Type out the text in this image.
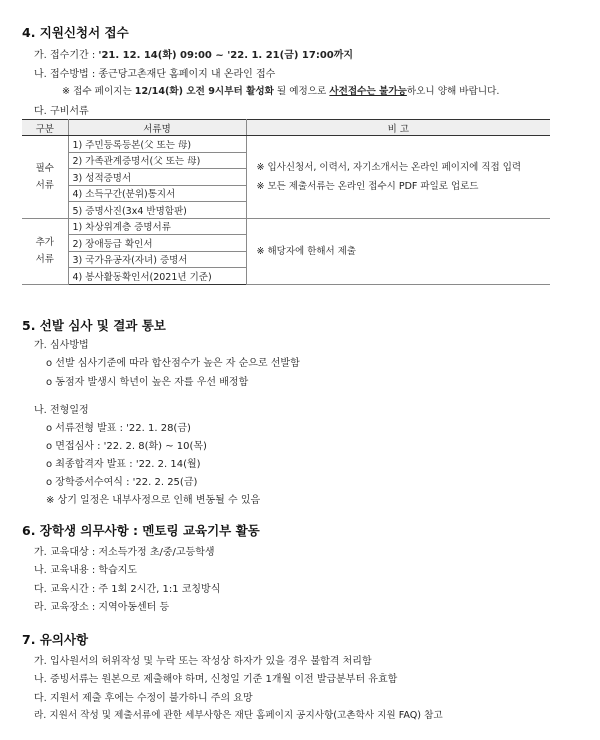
4. 지원신청서 접수
가. 접수기간 : '21. 12. 14(화) 09:00 ~ '22. 1. 21(금) 17:00까지
나. 접수방법 : 종근당고촌재단 홈페이지 내 온라인 접수
※ 접수 페이지는 12/14(화) 오전 9시부터 활성화 될 예정으로 사전접수는 불가능하오니 양해 바랍니다.
다. 구비서류
구분	서류명	비 고
필수
서류	1) 주민등록등본(父 또는 母)	※ 입사신청서, 이력서, 자기소개서는 온라인 페이지에 직접 입력
※ 모든 제출서류는 온라인 접수시 PDF 파일로 업로드
	2) 가족관계증명서(父 또는 母)	
	3) 성적증명서	
	4) 소득구간(분위)통지서	
	5) 증명사진(3x4 반명함판)	
추가
서류	1) 차상위계층 증명서류	※ 해당자에 한해서 제출
	2) 장애등급 확인서	
	3) 국가유공자(자녀) 증명서	
	4) 봉사활동확인서(2021년 기준)	
5. 선발 심사 및 결과 통보
가. 심사방법
o 선발 심사기준에 따라 합산점수가 높은 자 순으로 선발함
o 동점자 발생시 학년이 높은 자를 우선 배정함
나. 전형일정
o 서류전형 발표 : '22. 1. 28(금)
o 면접심사 : '22. 2. 8(화) ~ 10(목)
o 최종합격자 발표 : '22. 2. 14(월)
o 장학증서수여식 : '22. 2. 25(금)
※ 상기 일정은 내부사정으로 인해 변동될 수 있음
6. 장학생 의무사항 : 멘토링 교육기부 활동
가. 교육대상 : 저소득가정 초/중/고등학생
나. 교육내용 : 학습지도
다. 교육시간 : 주 1회 2시간, 1:1 코칭방식
라. 교육장소 : 지역아동센터 등
7. 유의사항
가. 입사원서의 허위작성 및 누락 또는 작성상 하자가 있을 경우 불합격 처리함
나. 증빙서류는 원본으로 제출해야 하며, 신청일 기준 1개월 이전 발급분부터 유효함
다. 지원서 제출 후에는 수정이 불가하니 주의 요망
라. 지원서 작성 및 제출서류에 관한 세부사항은 재단 홈페이지 공지사항(고촌학사 지원 FAQ) 참고
